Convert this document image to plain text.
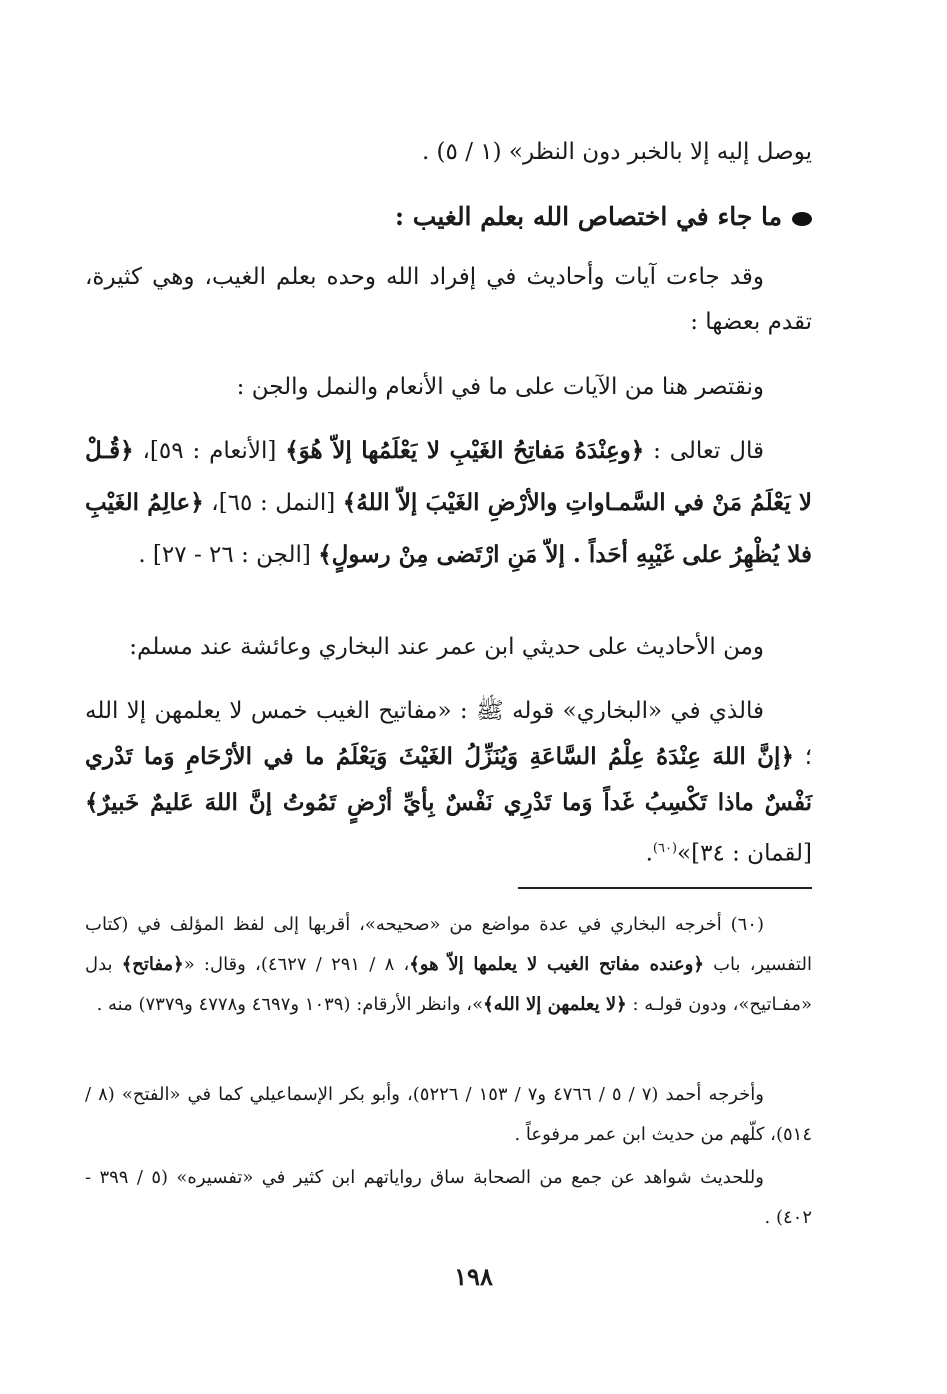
يوصل إليه إلا بالخبر دون النظر» (١ / ٥) .

ما جاء في اختصاص الله بعلم الغيب :

وقد جاءت آيات وأحاديث في إفراد الله وحده بعلم الغيب، وهي كثيرة، تقدم بعضها :

ونقتصر هنا من الآيات على ما في الأنعام والنمل والجن :

قال تعالى : ﴿وعِنْدَهُ مَفاتِحُ الغَيْبِ لا يَعْلَمُها إلاّ هُوَ﴾ [الأنعام : ٥٩]، ﴿قُـلْ لا يَعْلَمُ مَنْ في السَّمـاواتِ والأرْضِ الغَيْبَ إلاّ اللهُ﴾ [النمل : ٦٥]، ﴿عالِمُ الغَيْبِ فلا يُظْهِرُ على غَيْبِهِ أحَداً . إلاّ مَنِ ارْتَضى مِنْ رسولٍ﴾ [الجن : ٢٦ - ٢٧] .

ومن الأحاديث على حديثي ابن عمر عند البخاري وعائشة عند مسلم:

فالذي في «البخاري» قوله ﷺ : «مفاتيح الغيب خمس لا يعلمهن إلا الله ؛ ﴿إنَّ اللهَ عِنْدَهُ عِلْمُ السَّاعَةِ وَيُنَزِّلُ الغَيْثَ وَيَعْلَمُ ما في الأرْحَامِ وَما تَدْري نَفْسٌ ماذا تَكْسِبُ غَداً وَما تَدْرِي نَفْسٌ بِأيِّ أرْضٍ تَمُوتُ إنَّ اللهَ عَليمٌ خَبيرٌ﴾ [لقمان : ٣٤]»$^{(٦٠)}$.

(٦٠) أخرجه البخاري في عدة مواضع من «صحيحه»، أقربها إلى لفظ المؤلف في (كتاب التفسير، باب ﴿وعنده مفاتح الغيب لا يعلمها إلاّ هو﴾، ٨ / ٢٩١ / ٤٦٢٧)، وقال: «﴿مفاتح﴾ بدل «مفـاتيح»، ودون قولـه : ﴿لا يعلمهن إلا الله﴾»، وانظر الأرقام: (١٠٣٩ و٤٦٩٧ و٤٧٧٨ و٧٣٧٩) منه .

وأخرجه أحمد (٧ / ٥ / ٤٧٦٦ و٧ / ١٥٣ / ٥٢٢٦)، وأبو بكر الإسماعيلي كما في «الفتح» (٨ / ٥١٤)، كلّهم من حديث ابن عمر مرفوعاً .

وللحديث شواهد عن جمع من الصحابة ساق رواياتهم ابن كثير في «تفسيره» (٥ / ٣٩٩ - ٤٠٢) .

١٩٨
